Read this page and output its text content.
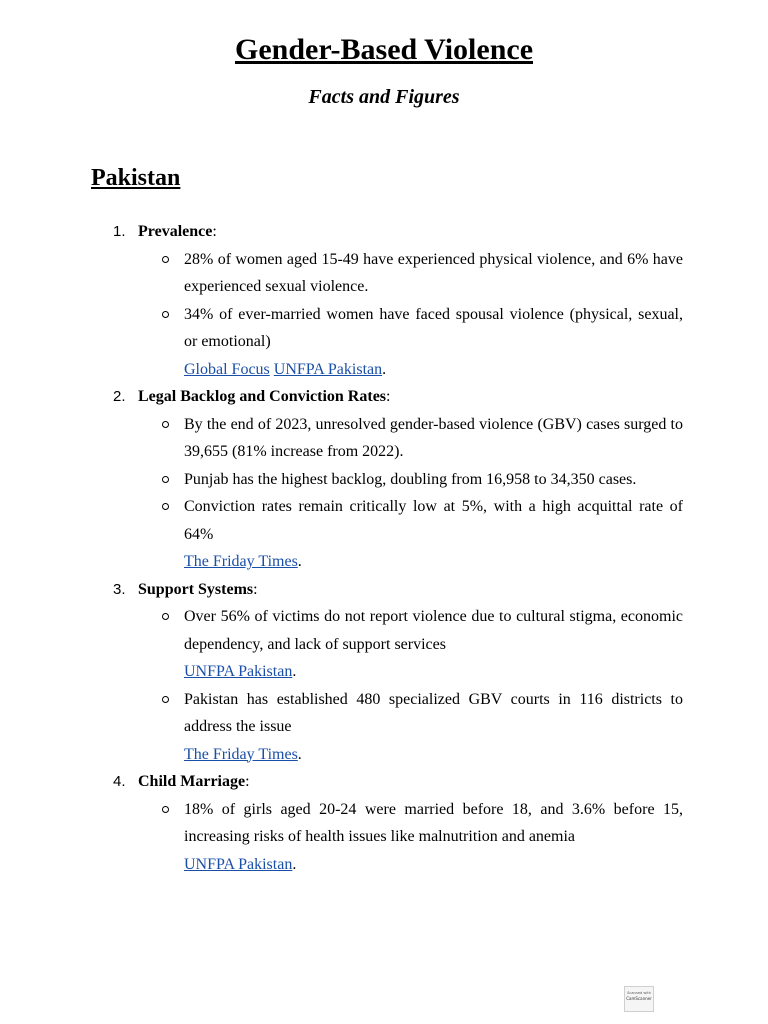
Gender-Based Violence
Facts and Figures
Pakistan
1. Prevalence:
28% of women aged 15-49 have experienced physical violence, and 6% have experienced sexual violence.
34% of ever-married women have faced spousal violence (physical, sexual, or emotional)
Global Focus UNFPA Pakistan.
2. Legal Backlog and Conviction Rates:
By the end of 2023, unresolved gender-based violence (GBV) cases surged to 39,655 (81% increase from 2022).
Punjab has the highest backlog, doubling from 16,958 to 34,350 cases.
Conviction rates remain critically low at 5%, with a high acquittal rate of 64%
The Friday Times.
3. Support Systems:
Over 56% of victims do not report violence due to cultural stigma, economic dependency, and lack of support services
UNFPA Pakistan.
Pakistan has established 480 specialized GBV courts in 116 districts to address the issue
The Friday Times.
4. Child Marriage:
18% of girls aged 20-24 were married before 18, and 3.6% before 15, increasing risks of health issues like malnutrition and anemia
UNFPA Pakistan.
Scanned with
CamScanner
